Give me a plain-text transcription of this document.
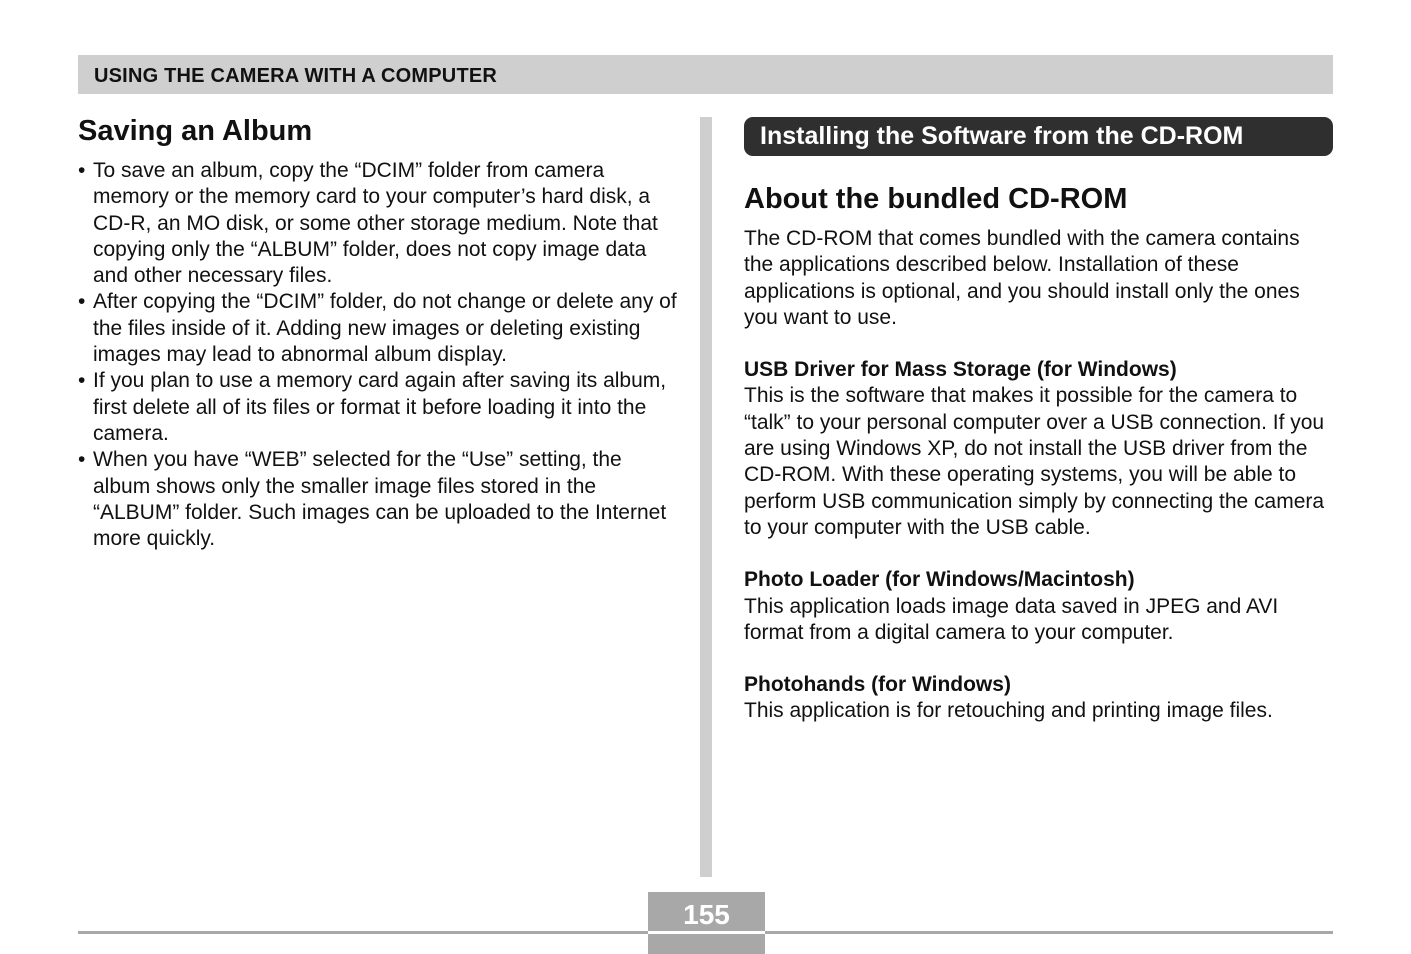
USING THE CAMERA WITH A COMPUTER
Saving an Album
• To save an album, copy the “DCIM” folder from camera memory or the memory card to your computer’s hard disk, a CD-R, an MO disk, or some other storage medium. Note that copying only the “ALBUM” folder, does not copy image data and other necessary files.
• After copying the “DCIM” folder, do not change or delete any of the files inside of it. Adding new images or deleting existing images may lead to abnormal album display.
• If you plan to use a memory card again after saving its album, first delete all of its files or format it before loading it into the camera.
• When you have “WEB” selected for the “Use” setting, the album shows only the smaller image files stored in the “ALBUM” folder. Such images can be uploaded to the Internet more quickly.
Installing the Software from the CD-ROM
About the bundled CD-ROM

The CD-ROM that comes bundled with the camera contains the applications described below. Installation of these applications is optional, and you should install only the ones you want to use.

USB Driver for Mass Storage (for Windows)

This is the software that makes it possible for the camera to “talk” to your personal computer over a USB connection. If you are using Windows XP, do not install the USB driver from the CD-ROM. With these operating systems, you will be able to perform USB communication simply by connecting the camera to your computer with the USB cable.

Photo Loader (for Windows/Macintosh)

This application loads image data saved in JPEG and AVI format from a digital camera to your computer.

Photohands (for Windows)

This application is for retouching and printing image files.

155
